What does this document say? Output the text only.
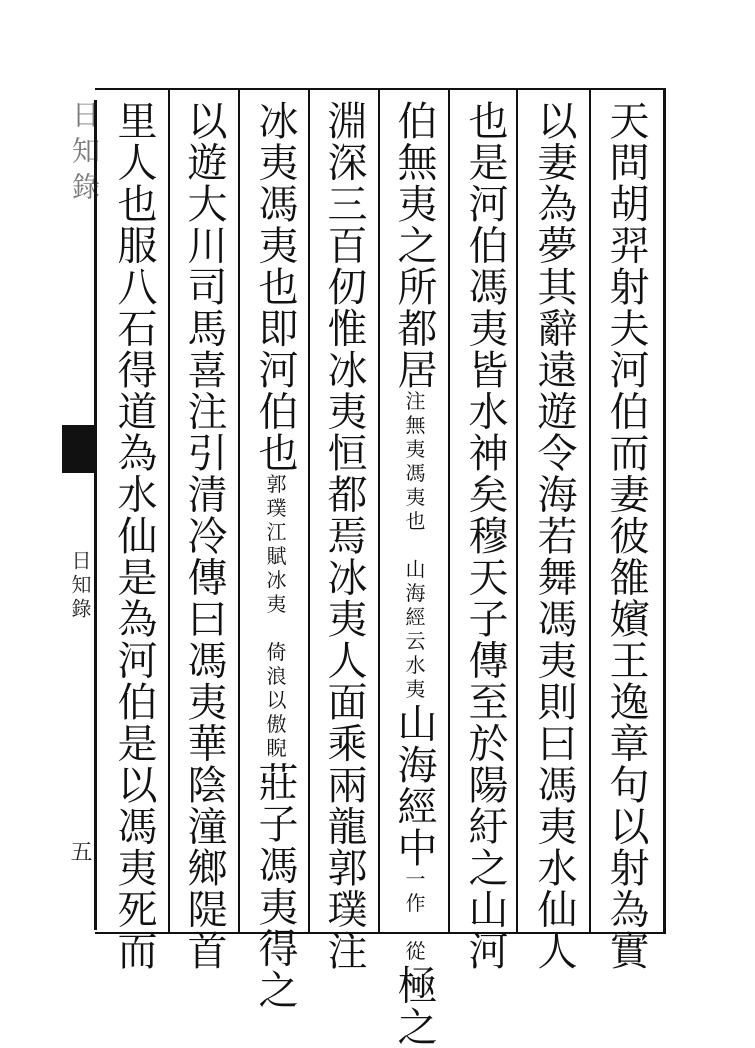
天問胡羿射夫河伯而妻彼雒嬪王逸章句以射為實
以妻為夢其辭遠遊令海若舞馮夷則曰馮夷水仙人
也是河伯馮夷皆水神矣穆天子傳至於陽紆之山河
伯無夷之所都居注無夷馮夷也　山海經云水夷山海經中一作　從極之
淵深三百仞惟冰夷恒都焉冰夷人面乘兩龍郭璞注
冰夷馮夷也即河伯也郭璞江賦冰夷　倚浪以傲睨莊子馮夷得之
以遊大川司馬喜注引清冷傳曰馮夷華陰潼鄉隄首
里人也服八石得道為水仙是為河伯是以馮夷死而
日知錄
日知錄
五
